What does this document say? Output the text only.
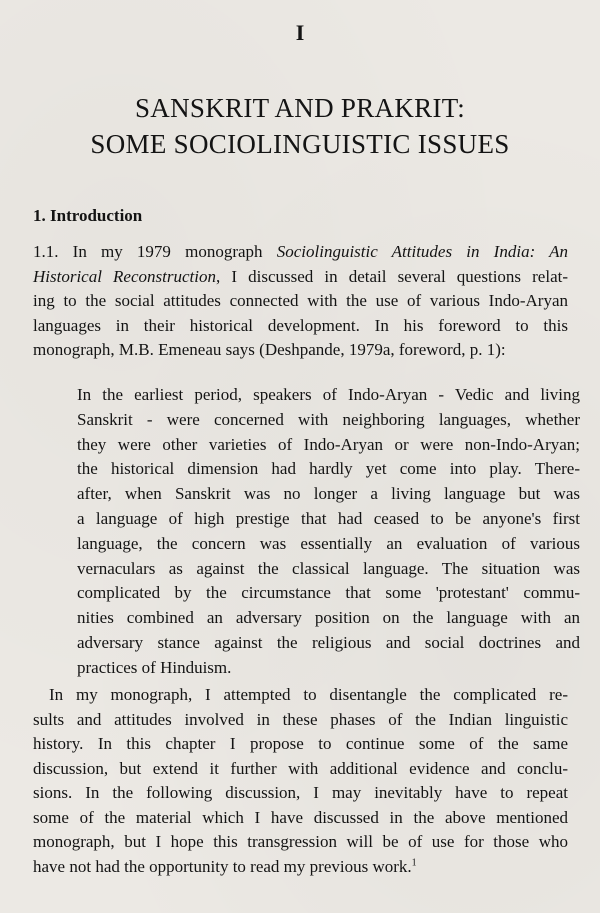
I
SANSKRIT AND PRAKRIT:
SOME SOCIOLINGUISTIC ISSUES
1. Introduction
1.1. In my 1979 monograph Sociolinguistic Attitudes in India: An
Historical Reconstruction, I discussed in detail several questions relat-
ing to the social attitudes connected with the use of various Indo-Aryan
languages in their historical development. In his foreword to this
monograph, M.B. Emeneau says (Deshpande, 1979a, foreword, p. 1):
In the earliest period, speakers of Indo-Aryan - Vedic and living
Sanskrit - were concerned with neighboring languages, whether
they were other varieties of Indo-Aryan or were non-Indo-Aryan;
the historical dimension had hardly yet come into play. There-
after, when Sanskrit was no longer a living language but was
a language of high prestige that had ceased to be anyone's first
language, the concern was essentially an evaluation of various
vernaculars as against the classical language. The situation was
complicated by the circumstance that some 'protestant' commu-
nities combined an adversary position on the language with an
adversary stance against the religious and social doctrines and
practices of Hinduism.
In my monograph, I attempted to disentangle the complicated re-
sults and attitudes involved in these phases of the Indian linguistic
history. In this chapter I propose to continue some of the same
discussion, but extend it further with additional evidence and conclu-
sions. In the following discussion, I may inevitably have to repeat
some of the material which I have discussed in the above mentioned
monograph, but I hope this transgression will be of use for those who
have not had the opportunity to read my previous work.$^1$
